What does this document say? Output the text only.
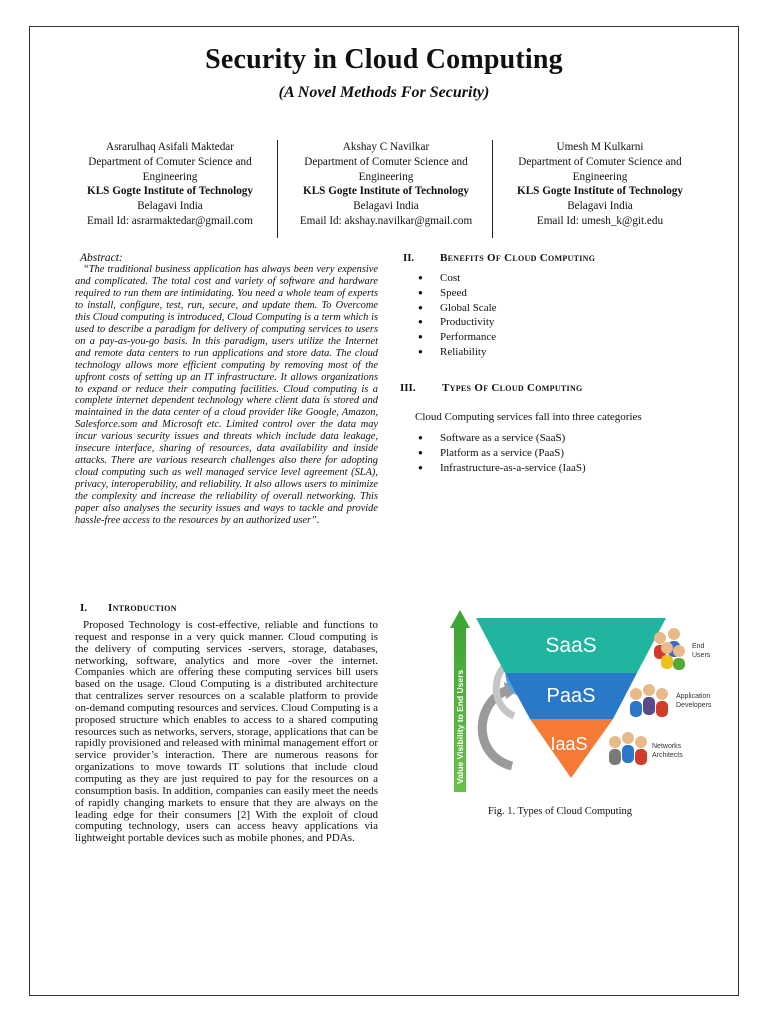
Security in Cloud Computing
(A Novel Methods For Security)
Asrarulhaq Asifali Maktedar
Department of Comuter Science and
Engineering
KLS Gogte Institute of Technology
Belagavi India
Email Id: asrarmaktedar@gmail.com
Akshay C Navilkar
Department of Comuter Science and
Engineering
KLS Gogte Institute of Technology
Belagavi India
Email Id: akshay.navilkar@gmail.com
Umesh M Kulkarni
Department of Comuter Science and
Engineering
KLS Gogte Institute of Technology
Belagavi India
Email Id: umesh_k@git.edu
Abstract:
“The traditional business application has always been very expensive and complicated. The total cost and variety of software and hardware required to run them are intimidating. You need a whole team of experts to install, configure, test, run, secure, and update them. To Overcome this Cloud computing is introduced, Cloud Computing is a term which is used to describe a paradigm for delivery of computing services to users on a pay-as-you-go basis. In this paradigm, users utilize the Internet and remote data centers to run applications and store data. The cloud technology allows more efficient computing by removing most of the upfront costs of setting up an IT infrastructure. It allows organizations to expand or reduce their computing facilities. Cloud computing is a complete internet dependent technology where client data is stored and maintained in the data center of a cloud provider like Google, Amazon, Salesforce.som and Microsoft etc. Limited control over the data may incur various security issues and threats which include data leakage, insecure interface, sharing of resources, data availability and inside attacks. There are various research challenges also there for adopting cloud computing such as well managed service level agreement (SLA), privacy, interoperability, and reliability. It also allows users to minimize the complexity and increase the reliability of overall networking. This paper also analyses the security issues and ways to tackle and provide hassle-free access to the resources by an authorized user”.
I. Introduction
Proposed Technology is cost-effective, reliable and functions to request and response in a very quick manner. Cloud computing is the delivery of computing services -servers, storage, databases, networking, software, analytics and more -over the internet. Companies which are offering these computing services bill users based on the usage. Cloud Computing is a distributed architecture that centralizes server resources on a scalable platform to provide on-demand computing resources and services. Cloud Computing is a proposed structure which enables to access to a shared computing resources such as networks, servers, storage, applications that can be rapidly provisioned and released with minimal management effort or service provider’s interaction. There are numerous reasons for organizations to move towards IT solutions that include cloud computing as they are just required to pay for the resources on a consumption basis. In addition, companies can easily meet the needs of rapidly changing markets to ensure that they are always on the leading edge for their consumers [2] With the exploit of cloud computing technology, users can access heavy applications via lightweight portable devices such as mobile phones, and PDAs.
II. Benefits Of Cloud Computing
● Cost
● Speed
● Global Scale
● Productivity
● Performance
● Reliability
III. Types Of Cloud Computing
Cloud Computing services fall into three categories
● Software as a service (SaaS)
● Platform as a service (PaaS)
● Infrastructure-as-a-service (IaaS)
Value Visibility to End Users
SaaS
PaaS
IaaS
End
Users
Application
Developers
Networks
Architects
Fig. 1. Types of Cloud Computing
